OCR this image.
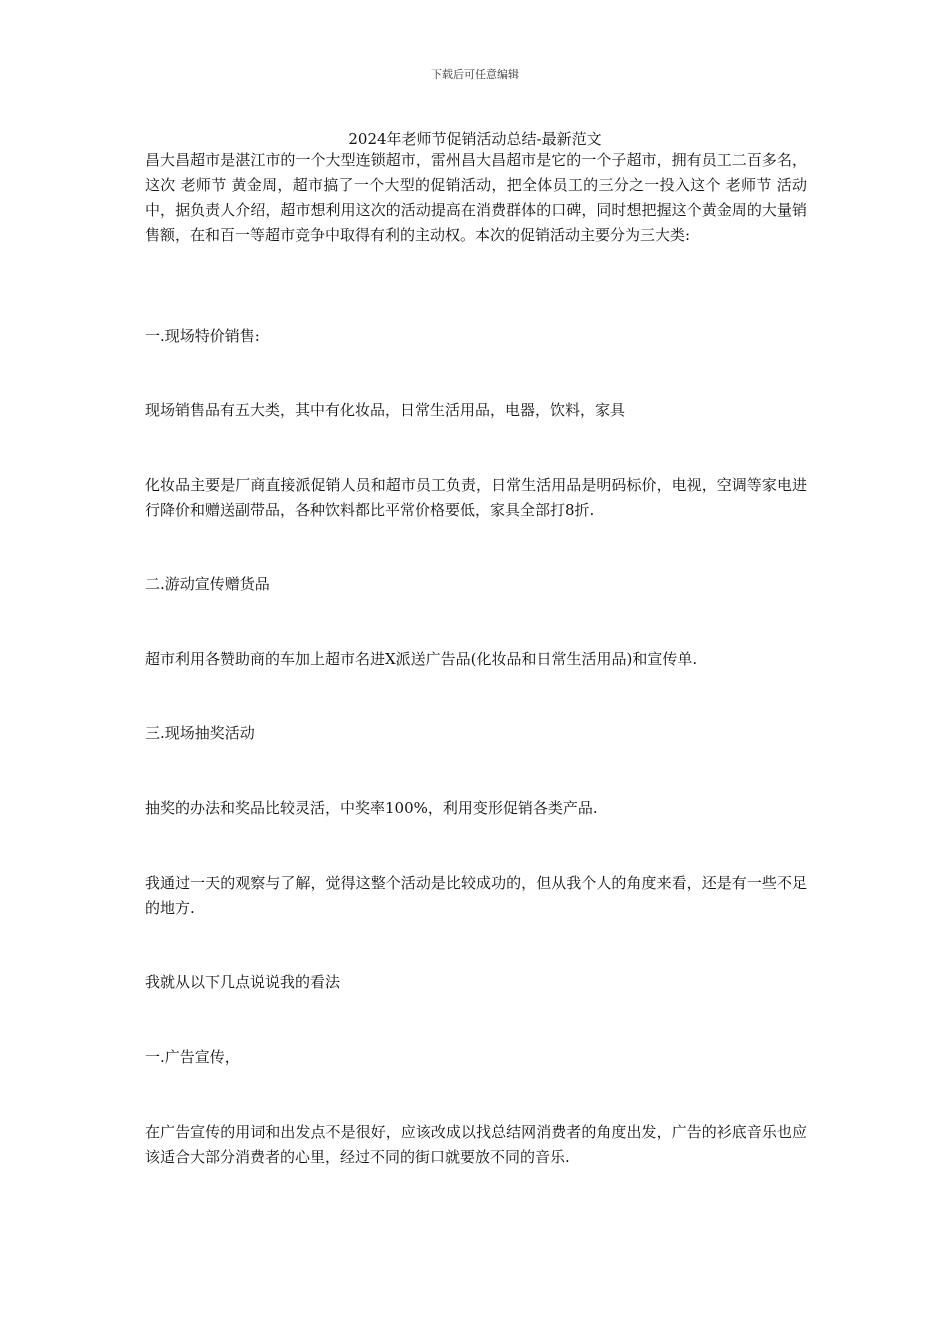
下载后可任意编辑
2024年老师节促销活动总结-最新范文

昌大昌超市是湛江市的一个大型连锁超市，雷州昌大昌超市是它的一个子超市，拥有员工二百多名，这次 老师节 黄金周，超市搞了一个大型的促销活动，把全体员工的三分之一投入这个 老师节 活动中，据负责人介绍，超市想利用这次的活动提高在消费群体的口碑，同时想把握这个黄金周的大量销售额，在和百一等超市竞争中取得有利的主动权。本次的促销活动主要分为三大类:

一.现场特价销售:

现场销售品有五大类，其中有化妆品，日常生活用品，电器，饮料，家具

化妆品主要是厂商直接派促销人员和超市员工负责，日常生活用品是明码标价，电视，空调等家电进行降价和赠送副带品，各种饮料都比平常价格要低，家具全部打8折.

二.游动宣传赠货品

超市利用各赞助商的车加上超市名进X派送广告品(化妆品和日常生活用品)和宣传单.

三.现场抽奖活动

抽奖的办法和奖品比较灵活，中奖率100%，利用变形促销各类产品.

我通过一天的观察与了解，觉得这整个活动是比较成功的，但从我个人的角度来看，还是有一些不足的地方.

我就从以下几点说说我的看法

一.广告宣传，

在广告宣传的用词和出发点不是很好，应该改成以找总结网消费者的角度出发，广告的衫底音乐也应该适合大部分消费者的心里，经过不同的街口就要放不同的音乐.
